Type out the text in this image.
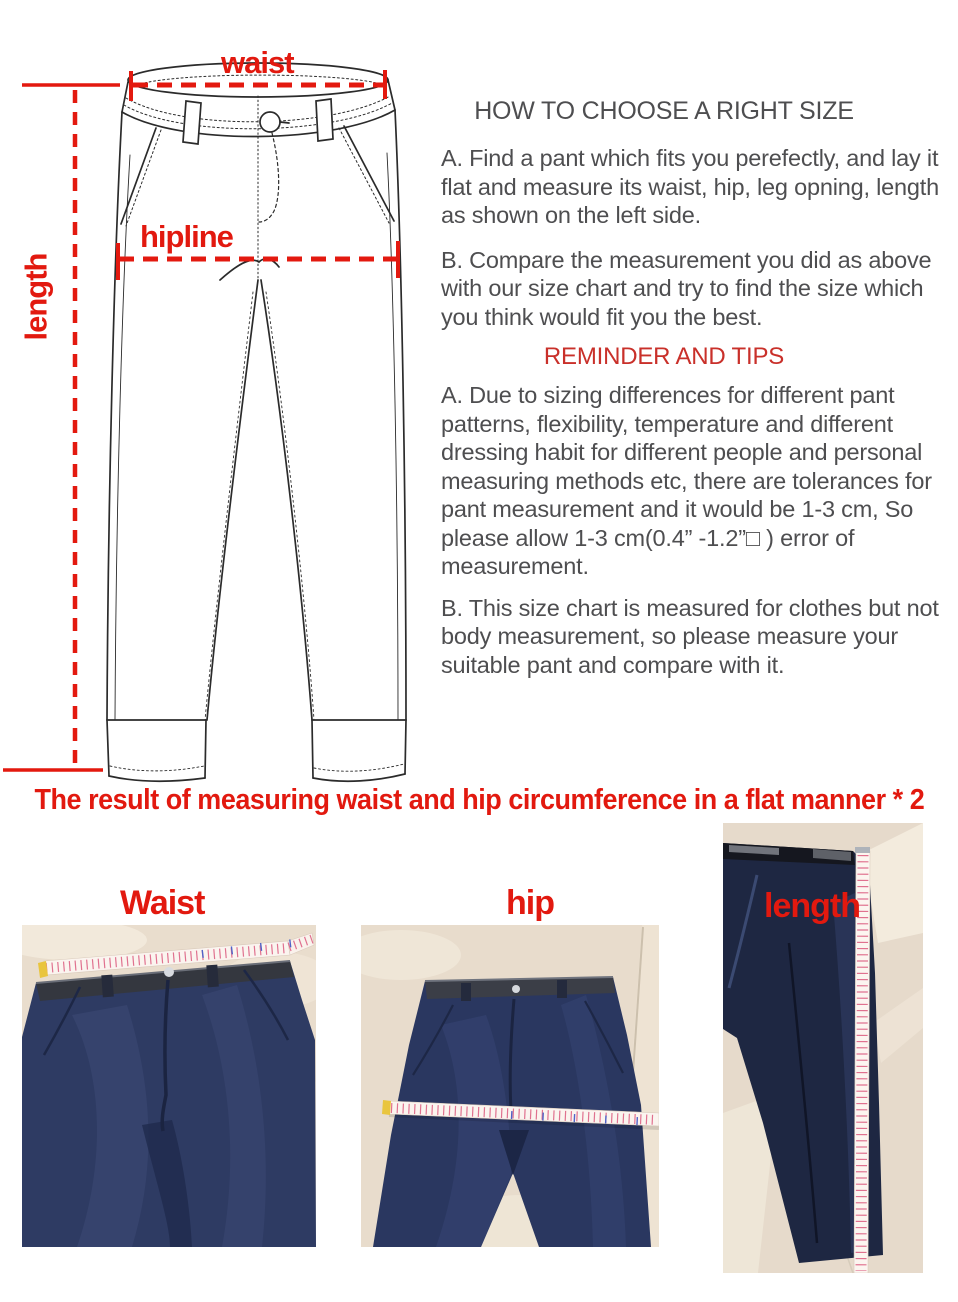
waist
hipline
length
HOW TO CHOOSE A RIGHT SIZE

A. Find a pant which fits you perefectly, and lay it flat and measure its waist, hip, leg opning, length as shown on the left side.

B. Compare the measurement you did as above with our size chart and try to find the size which you think would fit you the best.

REMINDER AND TIPS

A. Due to sizing differences for different pant patterns, flexibility, temperature and different dressing habit for different people and personal measuring methods etc, there are tolerances for pant measurement and it would be 1-3 cm, So please allow 1-3 cm(0.4” -1.2”□ ) error of measurement.

B. This size chart is measured for clothes but not body measurement, so please measure your suitable pant and compare with it.

The result of measuring waist and hip circumference in a flat manner * 2
Waist	hip	length
